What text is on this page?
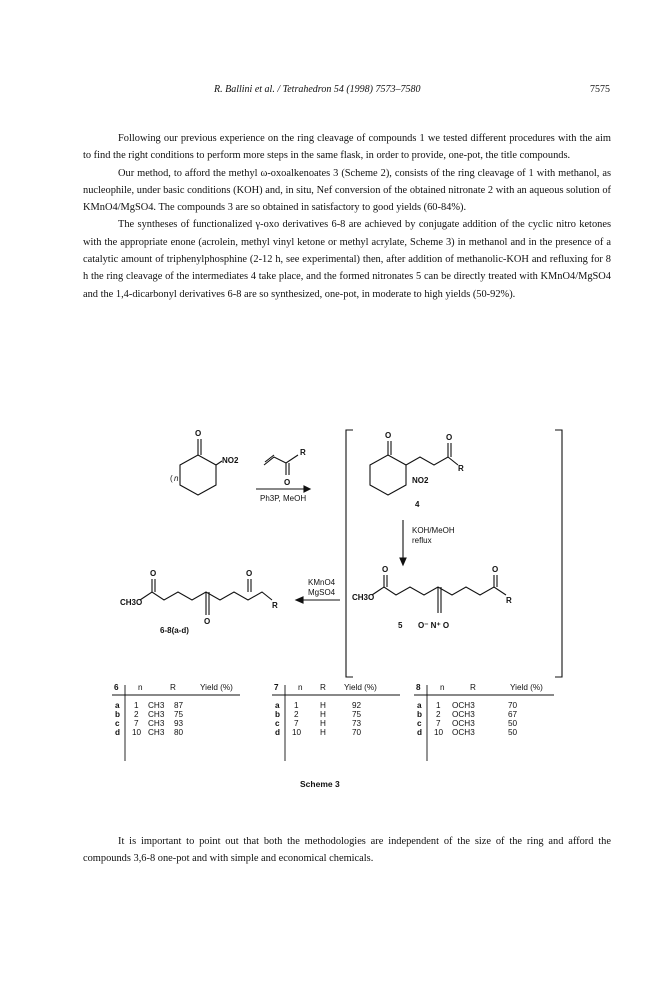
R. Ballini et al. / Tetrahedron 54 (1998) 7573–7580	7575

Following our previous experience on the ring cleavage of compounds 1 we tested different procedures with the aim to find the right conditions to perform more steps in the same flask, in order to provide, one-pot, the title compounds.

Our method, to afford the methyl ω-oxoalkenoates 3 (Scheme 2), consists of the ring cleavage of 1 with methanol, as nucleophile, under basic conditions (KOH) and, in situ, Nef conversion of the obtained nitronate 2 with an aqueous solution of KMnO4/MgSO4. The compounds 3 are so obtained in satisfactory to good yields (60-84%).

The syntheses of functionalized γ-oxo derivatives 6-8 are achieved by conjugate addition of the cyclic nitro ketones with the appropriate enone (acrolein, methyl vinyl ketone or methyl acrylate, Scheme 3) in methanol and in the presence of a catalytic amount of triphenylphosphine (2-12 h, see experimental) then, after addition of methanolic-KOH and refluxing for 8 h the ring cleavage of the intermediates 4 take place, and the formed nitronates 5 can be directly treated with KMnO4/MgSO4 and the 1,4-dicarbonyl derivatives 6-8 are so synthesized, one-pot, in moderate to high yields (50-92%).

O
NO2
( n
R
O
Ph3P, MeOH
O	O
R
NO2
4
KOH/MeOH
reflux
CH3O
O	O
R
O⁻ N⁺ O
5
KMnO4
MgSO4
CH3O
O	O
O
R
6-8(a-d)
6 n	R	Yield (%)
a 1 CH3 87
b 2 CH3 75
c 7 CH3 93
d 10 CH3 80
7 n R Yield (%)
a 1	H	92
b 2	H	75
c 7	H	73
d 10 H	70
8 n	R	Yield (%)
a 1 OCH3	70
b 2 OCH3	67
c 7 OCH3	50
d 10 OCH3	50
Scheme 3

It is important to point out that both the methodologies are independent of the size of the ring and afford the compounds 3,6-8 one-pot and with simple and economical chemicals.
